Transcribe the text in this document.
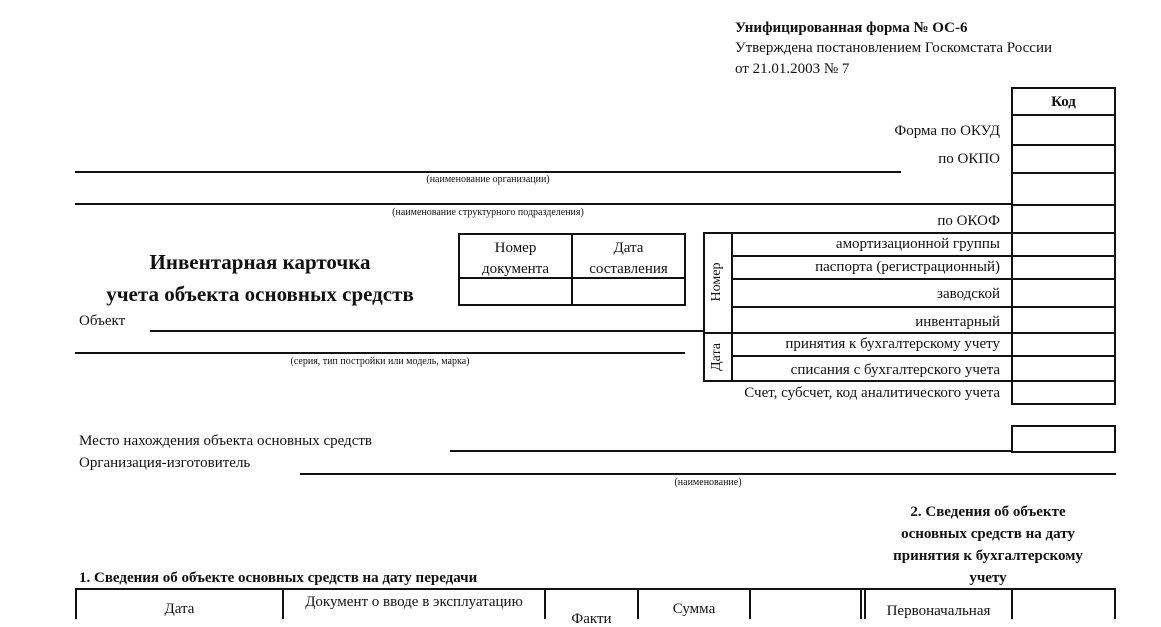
Унифицированная форма № ОС-6
Утверждена постановлением Госкомстата России
от 21.01.2003 № 7
Код
Форма по ОКУД
по ОКПО
по ОКОФ
(наименование организации)
(наименование структурного подразделения)
Инвентарная карточка
учета объекта основных средств
Номер документа
Дата составления
Объект
(серия, тип постройки или модель, марка)
Номер
Дата
амортизационной группы
паспорта (регистрационный)
заводской
инвентарный
принятия к бухгалтерскому учету
списания с бухгалтерского учета
Счет, субсчет, код аналитического учета
Место нахождения объекта основных средств
Организация-изготовитель
(наименование)
2. Сведения об объекте
основных средств на дату
принятия к бухгалтерскому
учету
1. Сведения об объекте основных средств на дату передачи
Дата	Документ о вводе в эксплуатацию
Факти
Сумма	Первоначальная
